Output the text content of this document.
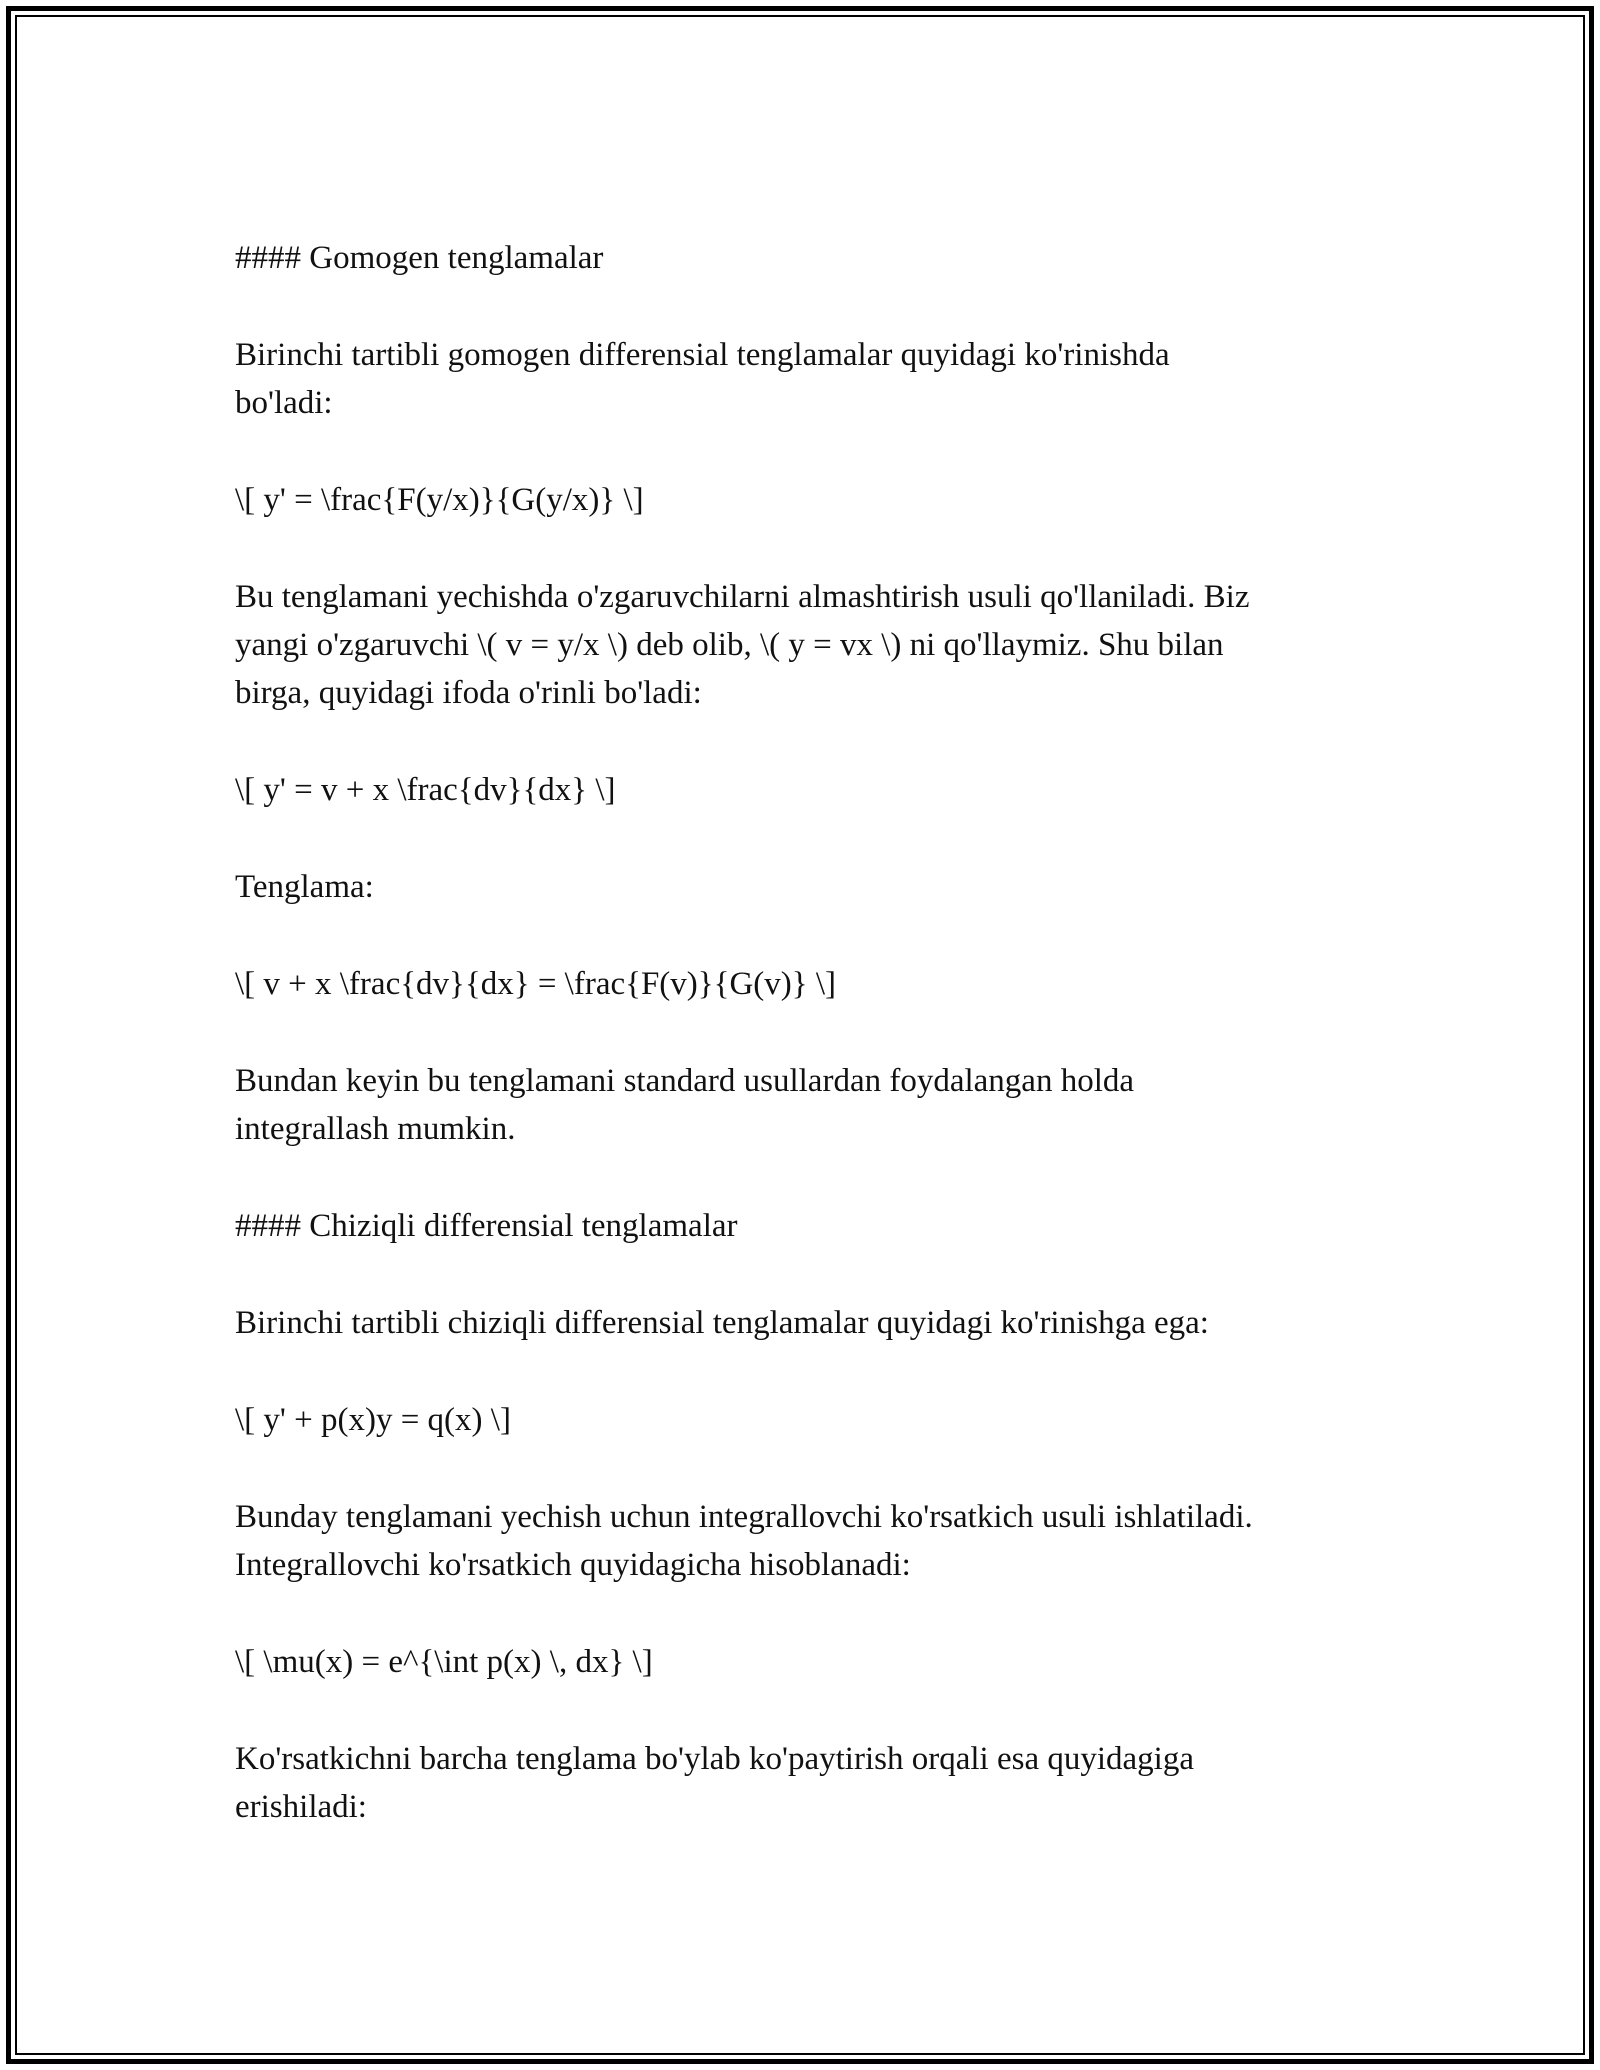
#### Gomogen tenglamalar

Birinchi tartibli gomogen differensial tenglamalar quyidagi ko'rinishda
bo'ladi:

\[ y' = \frac{F(y/x)}{G(y/x)} \]

Bu tenglamani yechishda o'zgaruvchilarni almashtirish usuli qo'llaniladi. Biz
yangi o'zgaruvchi \( v = y/x \) deb olib, \( y = vx \) ni qo'llaymiz. Shu bilan
birga, quyidagi ifoda o'rinli bo'ladi:

\[ y' = v + x \frac{dv}{dx} \]

Tenglama:

\[ v + x \frac{dv}{dx} = \frac{F(v)}{G(v)} \]

Bundan keyin bu tenglamani standard usullardan foydalangan holda
integrallash mumkin.

#### Chiziqli differensial tenglamalar

Birinchi tartibli chiziqli differensial tenglamalar quyidagi ko'rinishga ega:

\[ y' + p(x)y = q(x) \]

Bunday tenglamani yechish uchun integrallovchi ko'rsatkich usuli ishlatiladi.
Integrallovchi ko'rsatkich quyidagicha hisoblanadi:

\[ \mu(x) = e^{\int p(x) \, dx} \]

Ko'rsatkichni barcha tenglama bo'ylab ko'paytirish orqali esa quyidagiga
erishiladi:
